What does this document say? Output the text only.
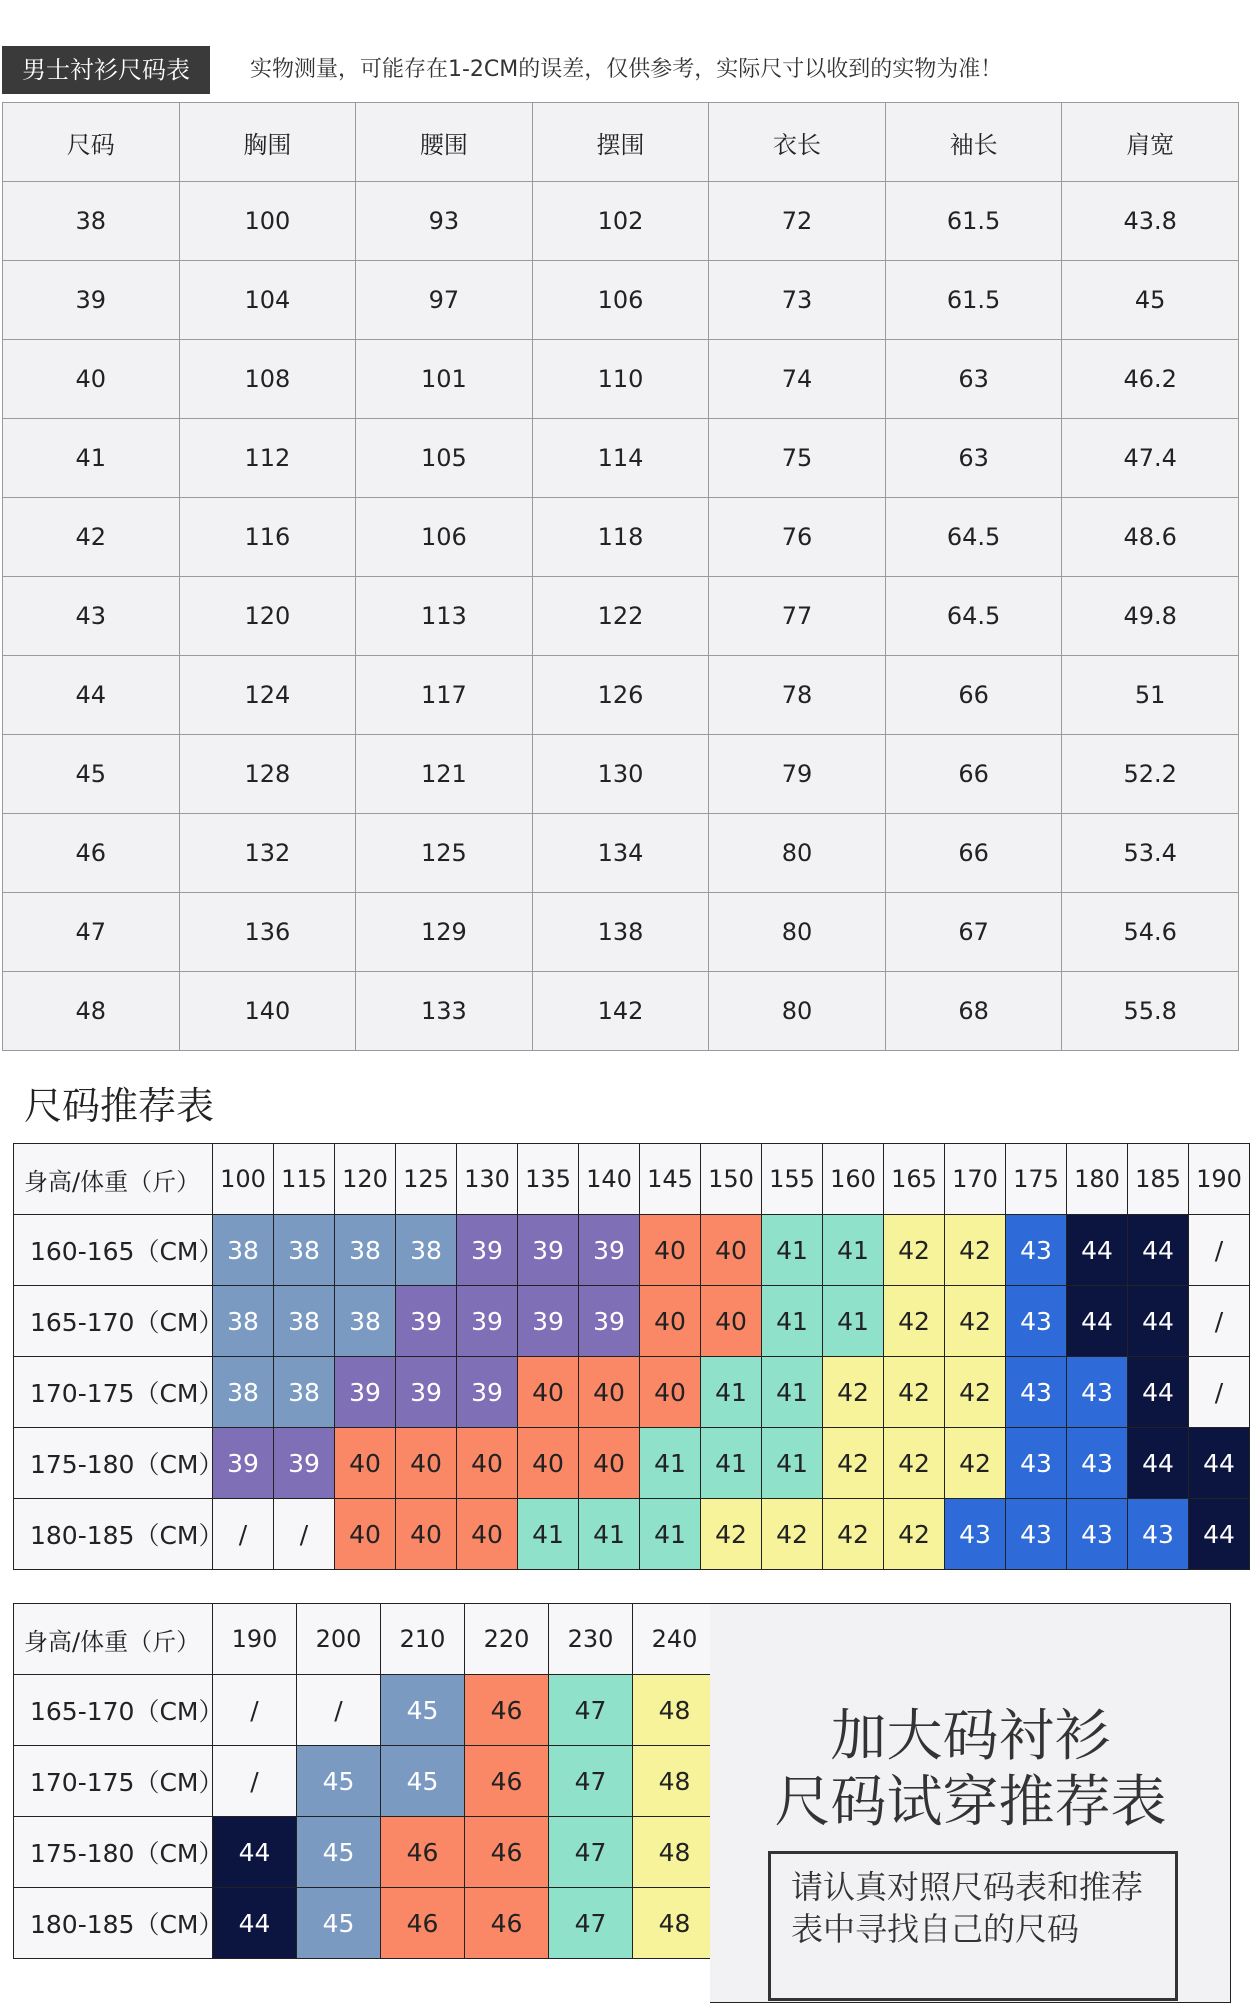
男士衬衫尺码表	实物测量，可能存在1-2CM的误差，仅供参考，实际尺寸以收到的实物为准！
尺码	胸围	腰围	摆围	衣长	袖长	肩宽
38	100	93	102	72	61.5	43.8
39	104	97	106	73	61.5	45
40	108	101	110	74	63	46.2
41	112	105	114	75	63	47.4
42	116	106	118	76	64.5	48.6
43	120	113	122	77	64.5	49.8
44	124	117	126	78	66	51
45	128	121	130	79	66	52.2
46	132	125	134	80	66	53.4
47	136	129	138	80	67	54.6
48	140	133	142	80	68	55.8
尺码推荐表
身高/体重（斤）	100	115	120	125	130	135	140	145	150	155	160	165	170	175	180	185	190
160-165（CM）	38	38	38	38	39	39	39	40	40	41	41	42	42	43	44	44	/
165-170（CM）	38	38	38	39	39	39	39	40	40	41	41	42	42	43	44	44	/
170-175（CM）	38	38	39	39	39	40	40	40	41	41	42	42	42	43	43	44	/
175-180（CM）	39	39	40	40	40	40	40	41	41	41	42	42	42	43	43	44	44
180-185（CM）	/	/	40	40	40	41	41	41	42	42	42	42	43	43	43	43	44
身高/体重（斤）	190	200	210	220	230	240
165-170（CM）	/	/	45	46	47	48
170-175（CM）	/	45	45	46	47	48
175-180（CM）	44	45	46	46	47	48
180-185（CM）	44	45	46	46	47	48
加大码衬衫
尺码试穿推荐表
请认真对照尺码表和推荐表中寻找自己的尺码
